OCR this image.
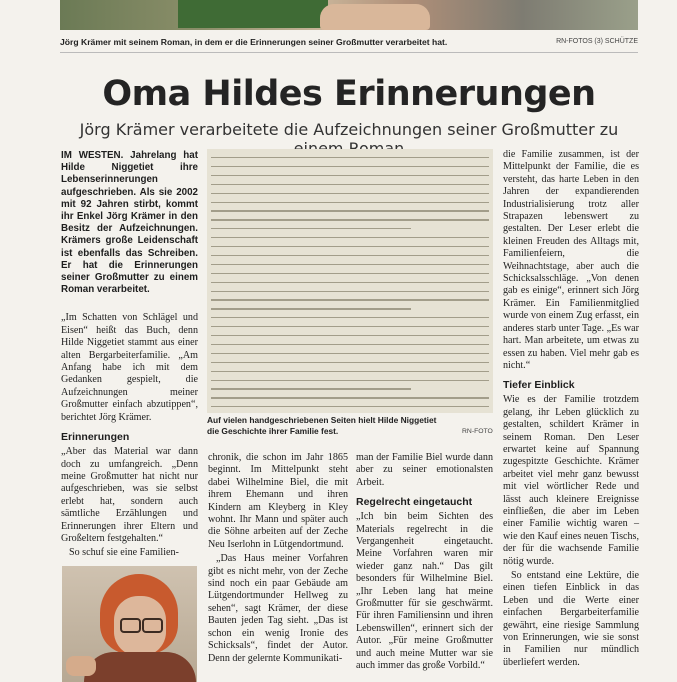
Jörg Krämer mit seinem Roman, in dem er die Erinnerungen seiner Großmutter verarbeitet hat.	RN-FOTOS (3) SCHÜTZE
Oma Hildes Erinnerungen
Jörg Krämer verarbeitete die Aufzeichnungen seiner Großmutter zu

IM WESTEN. Jahrelang hat Hilde Niggetiet ihre Lebenserinnerungen aufgeschrieben. Als sie 2002 mit 92 Jahren stirbt, kommt ihr Enkel Jörg Krämer in den Besitz der Aufzeichnungen. Krämers große Leidenschaft ist ebenfalls das Schreiben. Er hat die Erinnerungen seiner Großmutter zu einem Roman verarbeitet.

„Im Schatten von Schlägel und Eisen“ heißt das Buch, denn Hilde Niggetiet stammt aus einer alten Bergarbeiterfamilie. „Am Anfang habe ich mit dem Gedanken gespielt, die Aufzeichnungen meiner Großmutter einfach abzutippen“, berichtet Jörg Krämer.

Erinnerungen

„Aber das Material war dann doch zu umfangreich. „Denn meine Großmutter hat nicht nur aufgeschrieben, was sie selbst erlebt hat, sondern auch sämtliche Erzählungen und Erinnerungen ihrer Eltern und Großeltern festgehalten.“

So schuf sie eine Familien-

Auf vielen handgeschriebenen Seiten hielt Hilde Niggetiet die Geschichte ihrer Familie fest.	RN-FOTO

chronik, die schon im Jahr 1865 beginnt. Im Mittelpunkt steht dabei Wilhelmine Biel, die mit ihrem Ehemann und ihren Kindern am Kleyberg in Kley wohnt. Ihr Mann und später auch die Söhne arbeiten auf der Zeche Neu Iserlohn in Lütgendortmund.

„Das Haus meiner Vorfahren gibt es nicht mehr, von der Zeche sind noch ein paar Gebäude am Lütgendortmunder Hellweg zu sehen“, sagt Krämer, der diese Bauten jeden Tag sieht. „Das ist schon ein wenig Ironie des Schicksals“, findet der Autor. Denn der gelernte Kommunikati-

man der Familie Biel wurde dann aber zu seiner emotionalsten Arbeit.

Regelrecht eingetaucht

„Ich bin beim Sichten des Materials regelrecht in die Vergangenheit eingetaucht. Meine Vorfahren waren mir wieder ganz nah.“ Das gilt besonders für Wilhelmine Biel. „Ihr Leben lang hat meine Großmutter für sie geschwärmt. Für ihren Familiensinn und ihren Lebenswillen“, erinnert sich der Autor. „Für meine Großmutter und auch meine Mutter war sie auch immer das große Vorbild.“

die Familie zusammen, ist der Mittelpunkt der Familie, die es versteht, das harte Leben in den Jahren der expandierenden Industrialisierung trotz aller Strapazen lebenswert zu gestalten. Der Leser erlebt die kleinen Freuden des Alltags mit, Familienfeiern, die Weihnachtstage, aber auch die Schicksalsschläge. „Von denen gab es einige“, erinnert sich Jörg Krämer. Ein Familienmitglied wurde von einem Zug erfasst, ein anderes starb unter Tage. „Es war hart. Man arbeitete, um etwas zu essen zu haben. Viel mehr gab es nicht.“

Tiefer Einblick

Wie es der Familie trotzdem gelang, ihr Leben glücklich zu gestalten, schildert Krämer in seinem Roman. Den Leser erwartet keine auf Spannung zugespitzte Geschichte. Krämer arbeitet viel mehr ganz bewusst mit viel wörtlicher Rede und lässt auch kleinere Ereignisse einfließen, die aber im Leben einer Familie wichtig waren – wie den Kauf eines neuen Tischs, der für die wachsende Familie nötig wurde.

So entstand eine Lektüre, die einen tiefen Einblick in das Leben und die Werte einer einfachen Bergarbeiterfamilie gewährt, eine riesige Sammlung von Erinnerungen, wie sie sonst in Familien nur mündlich überliefert werden.
